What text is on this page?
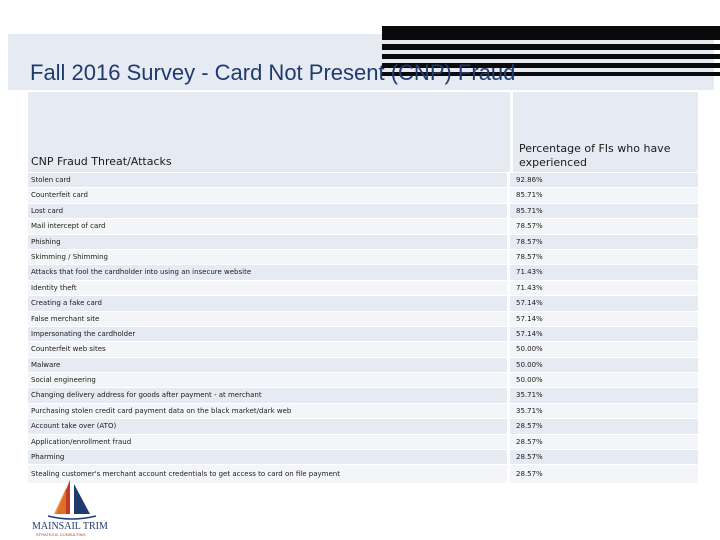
Fall 2016 Survey - Card Not Present (CNP) Fraud
CNP Fraud Threat/Attacks
Percentage of FIs who have experienced
Stolen card	92.86%
Counterfeit card	85.71%
Lost card	85.71%
Mail intercept of card	78.57%
Phishing	78.57%
Skimming / Shimming	78.57%
Attacks that fool the cardholder into using an insecure website	71.43%
Identity theft	71.43%
Creating a fake card	57.14%
False merchant site	57.14%
Impersonating the cardholder	57.14%
Counterfeit web sites	50.00%
Malware	50.00%
Social engineering	50.00%
Changing delivery address for goods after payment - at merchant	35.71%
Purchasing stolen credit card payment data on the black market/dark web	35.71%
Account take over (ATO)	28.57%
Application/enrollment fraud	28.57%
Pharming	28.57%
Stealing customer's merchant account credentials to get access to card on file payment	28.57%
MAINSAIL TRIM
STRATEGIC CONSULTING
